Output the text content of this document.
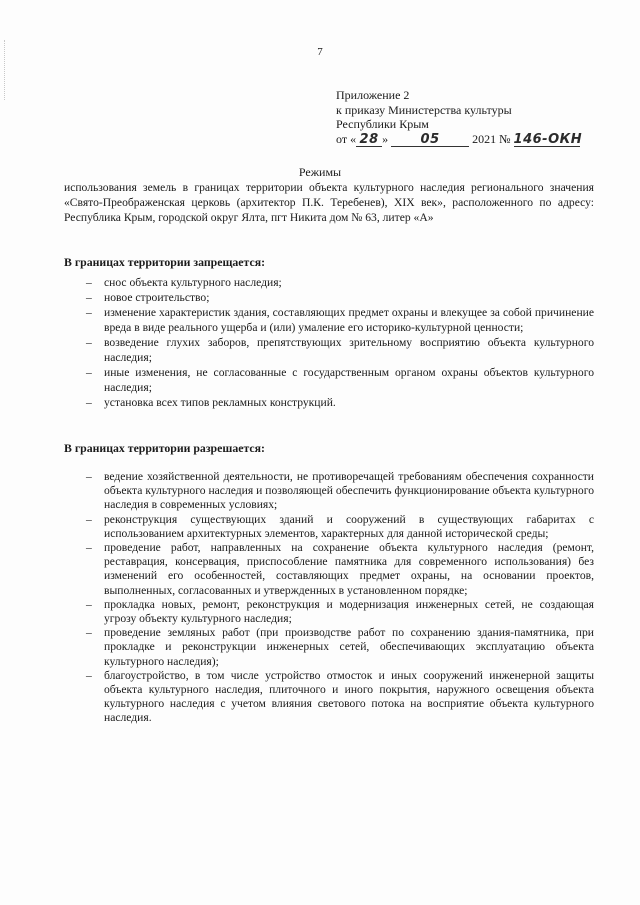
7
Приложение 2
к приказу Министерства культуры
Республики Крым
от « 28 » 05	2021 № 146-ОКН
Режимы

использования земель в границах территории объекта культурного наследия регионального значения «Свято-Преображенская церковь (архитектор П.К. Теребенев), XIX век», расположенного по адресу: Республика Крым, городской округ Ялта, пгт Никита дом № 63, литер «А»

В границах территории запрещается:
– снос объекта культурного наследия;
– новое строительство;
– изменение характеристик здания, составляющих предмет охраны и влекущее за собой причинение вреда в виде реального ущерба и (или) умаление его историко-культурной ценности;
– возведение глухих заборов, препятствующих зрительному восприятию объекта культурного наследия;
– иные изменения, не согласованные с государственным органом охраны объектов культурного наследия;
– установка всех типов рекламных конструкций.
В границах территории разрешается:
– ведение хозяйственной деятельности, не противоречащей требованиям обеспечения сохранности объекта культурного наследия и позволяющей обеспечить функционирование объекта культурного наследия в современных условиях;
– реконструкция существующих зданий и сооружений в существующих габаритах с использованием архитектурных элементов, характерных для данной исторической среды;
– проведение работ, направленных на сохранение объекта культурного наследия (ремонт, реставрация, консервация, приспособление памятника для современного использования) без изменений его особенностей, составляющих предмет охраны, на основании проектов, выполненных, согласованных и утвержденных в установленном порядке;
– прокладка новых, ремонт, реконструкция и модернизация инженерных сетей, не создающая угрозу объекту культурного наследия;
– проведение земляных работ (при производстве работ по сохранению здания-памятника, при прокладке и реконструкции инженерных сетей, обеспечивающих эксплуатацию объекта культурного наследия);
– благоустройство, в том числе устройство отмосток и иных сооружений инженерной защиты объекта культурного наследия, плиточного и иного покрытия, наружного освещения объекта культурного наследия с учетом влияния светового потока на восприятие объекта культурного наследия.
